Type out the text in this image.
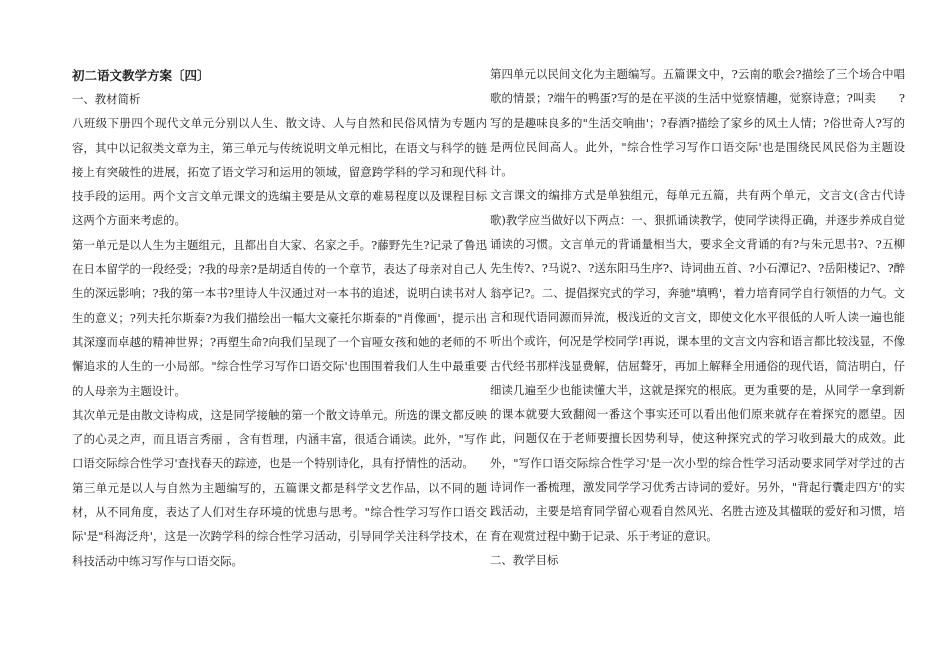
初二语文教学方案〔四〕
一、教材简析

八班级下册四个现代文单元分别以人生、散文诗、人与自然和民俗风情为专题内容，其中以记叙类文章为主，第三单元与传统说明文单元相比，在语文与科学的链接上有突破性的进展，拓宽了语文学习和运用的领域，留意跨学科的学习和现代科技手段的运用。两个文言文单元课文的选编主要是从文章的难易程度以及课程目标这两个方面来考虑的。

第一单元是以人生为主题组元，且都出自大家、名家之手。?藤野先生?记录了鲁迅在日本留学的一段经受；?我的母亲?是胡适自传的一个章节，表达了母亲对自己人生的深远影响；?我的第一本书?里诗人牛汉通过对一本书的追述，说明白读书对人生的意义；?列夫托尔斯泰?为我们描绘出一幅大文豪托尔斯泰的"肖像画'，提示出其深邃而卓越的精神世界；?再塑生命?向我们呈现了一个盲哑女孩和她的老师的不懈追求的人生的一小局部。"综合性学习写作口语交际'也围围着我们人生中最重要的人母亲为主题设计。

其次单元是由散文诗构成，这是同学接触的第一个散文诗单元。所选的课文都反映了的心灵之声，而且语言秀丽 ，含有哲理，内涵丰富，很适合诵读。此外，"写作口语交际综合性学习'查找春天的踪迹，也是一个特别诗化，具有抒情性的活动。

第三单元是以人与自然为主题编写的，五篇课文都是科学文艺作品，以不同的题材，从不同角度，表达了人们对生存环境的忧患与思考。"综合性学习写作口语交际'是"科海泛舟'，这是一次跨学科的综合性学习活动，引导同学关注科学技术，在科技活动中练习写作与口语交际。

第四单元以民间文化为主题编写。五篇课文中，?云南的歌会?描绘了三个场合中唱歌的情景；?端午的鸭蛋?写的是在平淡的生活中觉察情趣，觉察诗意；?叫卖　　?写的是趣味良多的"生活交响曲'；?春酒?描绘了家乡的风土人情；?俗世奇人?写的是两位民间高人。此外，"综合性学习写作口语交际'也是围绕民风民俗为主题设计。

文言课文的编排方式是单独组元，每单元五篇，共有两个单元，文言文(含古代诗歌)教学应当做好以下两点：一、狠抓诵读教学，使同学读得正确，并逐步养成自觉诵读的习惯。文言单元的背诵量相当大，要求全文背诵的有?与朱元思书?、?五柳先生传?、?马说?、?送东阳马生序?、诗词曲五首、?小石潭记?、?岳阳楼记?、?醉翁亭记?。二、提倡探究式的学习，奔驰"填鸭'，着力培育同学自行领悟的力气。文言和现代语同源而异流，极浅近的文言文，即使文化水平很低的人听人读一遍也能听出个或许，何况是学校同学!再说，课本里的文言文内容和语言都比较浅显，不像古代经书那样浅显费解，佶屈聱牙，再加上解释全用通俗的现代语，简洁明白，仔细读几遍至少也能读懂大半，这就是探究的根底。更为重要的是，从同学一拿到新的课本就要大致翻阅一番这个事实还可以看出他们原来就存在着探究的愿望。因此，问题仅在于老师要擅长因势利导，使这种探究式的学习收到最大的成效。此外，"写作口语交际综合性学习'是一次小型的综合性学习活动要求同学对学过的古诗词作一番梳理，激发同学学习优秀古诗词的爱好。另外，"背起行囊走四方'的实践活动，主要是培育同学留心观看自然风光、名胜古迹及其楹联的爱好和习惯，培育在观赏过程中勤于记录、乐于考证的意识。

二、教学目标
